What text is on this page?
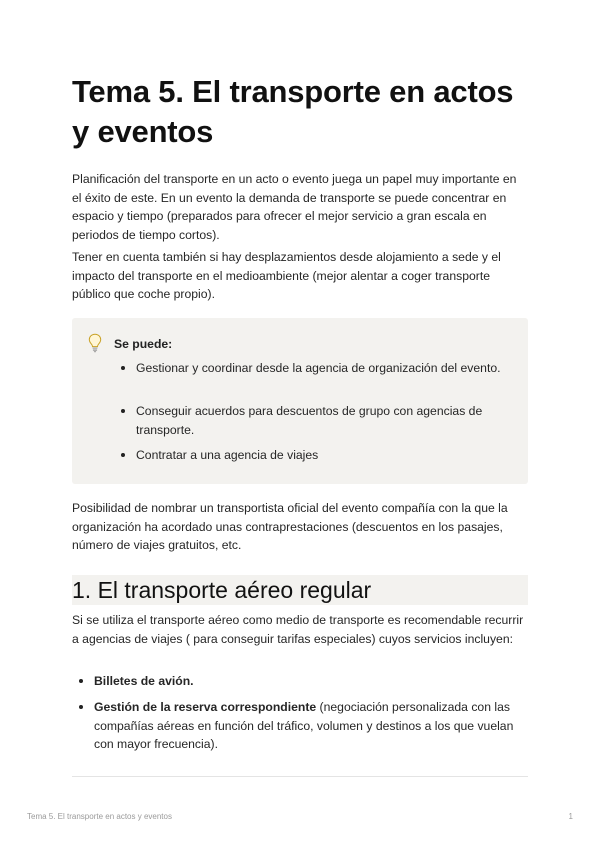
Tema 5. El transporte en actos y eventos

Planificación del transporte en un acto o evento juega un papel muy importante en el éxito de este. En un evento la demanda de transporte se puede concentrar en espacio y tiempo (preparados para ofrecer el mejor servicio a gran escala en periodos de tiempo cortos).

Tener en cuenta también si hay desplazamientos desde alojamiento a sede y el impacto del transporte en el medioambiente (mejor alentar a coger transporte público que coche propio).

Se puede:
Gestionar y coordinar desde la agencia de organización del evento.
Conseguir acuerdos para descuentos de grupo con agencias de transporte.
Contratar a una agencia de viajes

Posibilidad de nombrar un transportista oficial del evento compañía con la que la organización ha acordado unas contraprestaciones (descuentos en los pasajes, número de viajes gratuitos, etc.

1. El transporte aéreo regular

Si se utiliza el transporte aéreo como medio de transporte es recomendable recurrir a agencias de viajes ( para conseguir tarifas especiales) cuyos servicios incluyen:

Billetes de avión.
Gestión de la reserva correspondiente (negociación personalizada con las compañías aéreas en función del tráfico, volumen y destinos a los que vuelan con mayor frecuencia).
Tema 5. El transporte en actos y eventos	1
